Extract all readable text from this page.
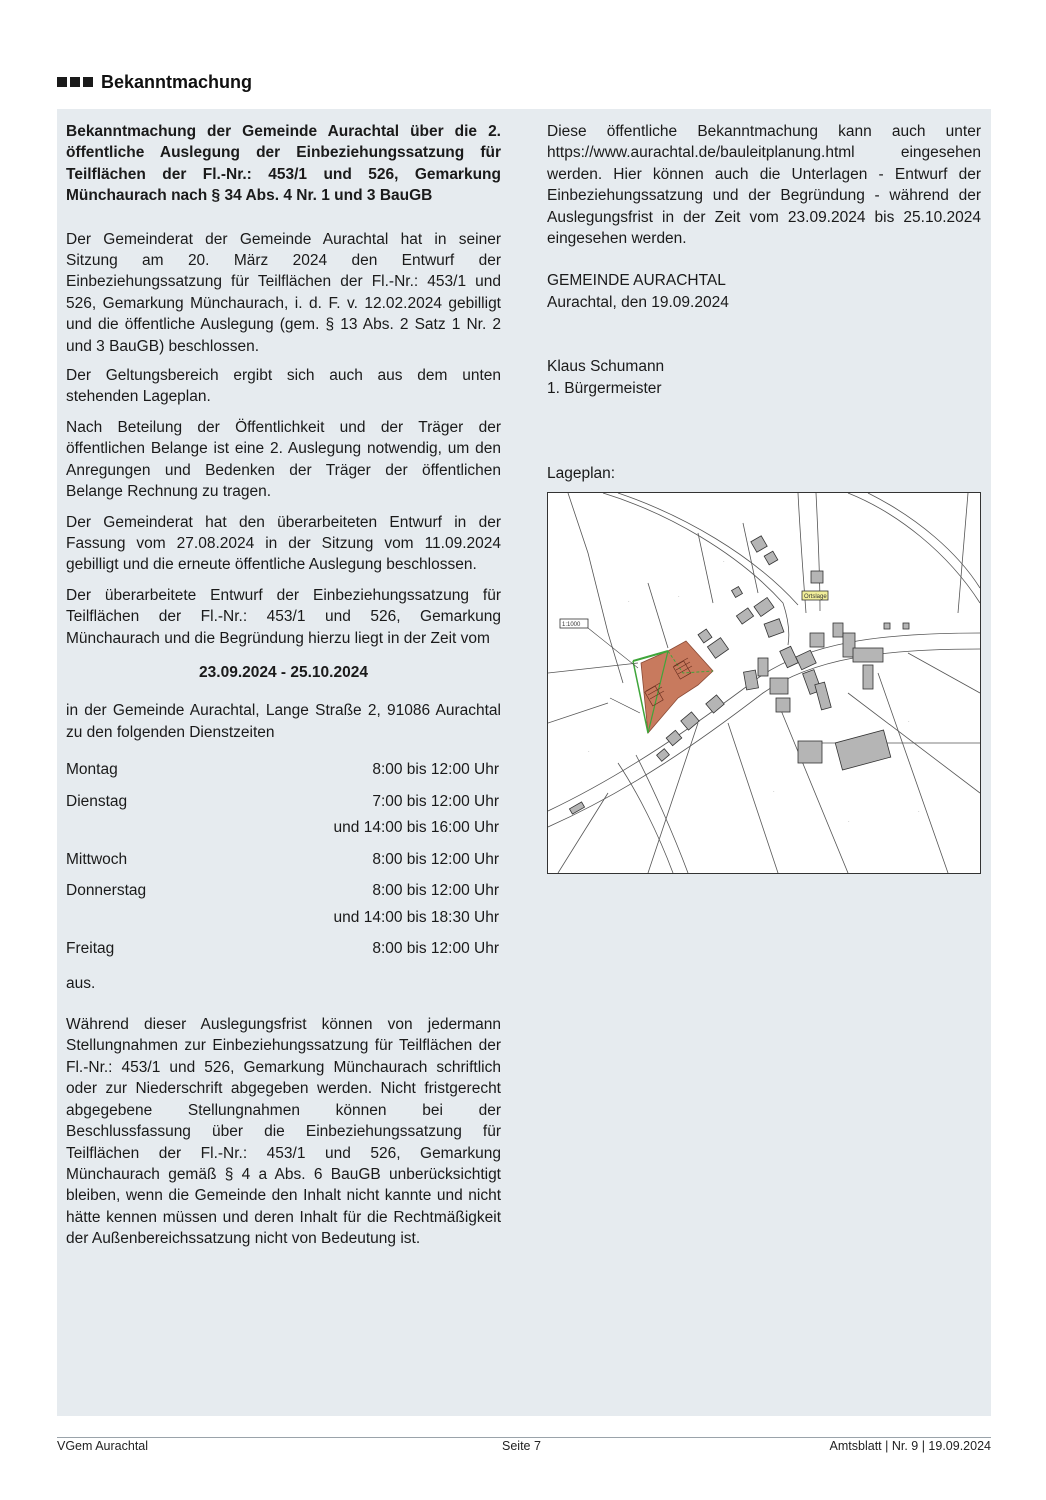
Bekanntmachung

Bekanntmachung der Gemeinde Aurachtal über die 2. öffentliche Auslegung der Einbeziehungssatzung für Teilflächen der Fl.-Nr.: 453/1 und 526, Gemarkung Münchaurach nach § 34 Abs. 4 Nr. 1 und 3 BauGB

Der Gemeinderat der Gemeinde Aurachtal hat in seiner Sitzung am 20. März 2024 den Entwurf der Einbeziehungssatzung für Teilflächen der Fl.-Nr.: 453/1 und 526, Gemarkung Münchaurach, i. d. F. v. 12.02.2024 gebilligt und die öffentliche Auslegung (gem. § 13 Abs. 2 Satz 1 Nr. 2 und 3 BauGB) beschlossen.

Der Geltungsbereich ergibt sich auch aus dem unten stehenden Lageplan.

Nach Beteilung der Öffentlichkeit und der Träger der öffentlichen Belange ist eine 2. Auslegung notwendig, um den Anregungen und Bedenken der Träger der öffentlichen Belange Rechnung zu tragen.

Der Gemeinderat hat den überarbeiteten Entwurf in der Fassung vom 27.08.2024 in der Sitzung vom 11.09.2024 gebilligt und die erneute öffentliche Auslegung beschlossen.

Der überarbeitete Entwurf der Einbeziehungssatzung für Teilflächen der Fl.-Nr.: 453/1 und 526, Gemarkung Münchaurach und die Begründung hierzu liegt in der Zeit vom

23.09.2024 - 25.10.2024

in der Gemeinde Aurachtal, Lange Straße 2, 91086 Aurachtal zu den folgenden Dienstzeiten

Montag	8:00 bis 12:00 Uhr
Dienstag	7:00 bis 12:00 Uhr
	und 14:00 bis 16:00 Uhr
Mittwoch	8:00 bis 12:00 Uhr
Donnerstag	8:00 bis 12:00 Uhr
	und 14:00 bis 18:30 Uhr
Freitag	8:00 bis 12:00 Uhr

aus.

Während dieser Auslegungsfrist können von jedermann Stellungnahmen zur Einbeziehungssatzung für Teilflächen der Fl.-Nr.: 453/1 und 526, Gemarkung Münchaurach schriftlich oder zur Niederschrift abgegeben werden. Nicht fristgerecht abgegebene Stellungnahmen können bei der Beschlussfassung über die Einbeziehungssatzung für Teilflächen der Fl.-Nr.: 453/1 und 526, Gemarkung Münchaurach gemäß § 4 a Abs. 6 BauGB unberücksichtigt bleiben, wenn die Gemeinde den Inhalt nicht kannte und nicht hätte kennen müssen und deren Inhalt für die Rechtmäßigkeit der Außenbereichssatzung nicht von Bedeutung ist.

Diese öffentliche Bekanntmachung kann auch unter https://www.aurachtal.de/bauleitplanung.html eingesehen werden. Hier können auch die Unterlagen - Entwurf der Einbeziehungssatzung und der Begründung - während der Auslegungsfrist in der Zeit vom 23.09.2024 bis 25.10.2024 eingesehen werden.

GEMEINDE AURACHTAL

Aurachtal, den 19.09.2024

Klaus Schumann

1. Bürgermeister

Lageplan:

·
·
·
·
·
·
·
·
1:1000
Ortslage
VGem Aurachtal	Seite 7	Amtsblatt | Nr. 9 | 19.09.2024
